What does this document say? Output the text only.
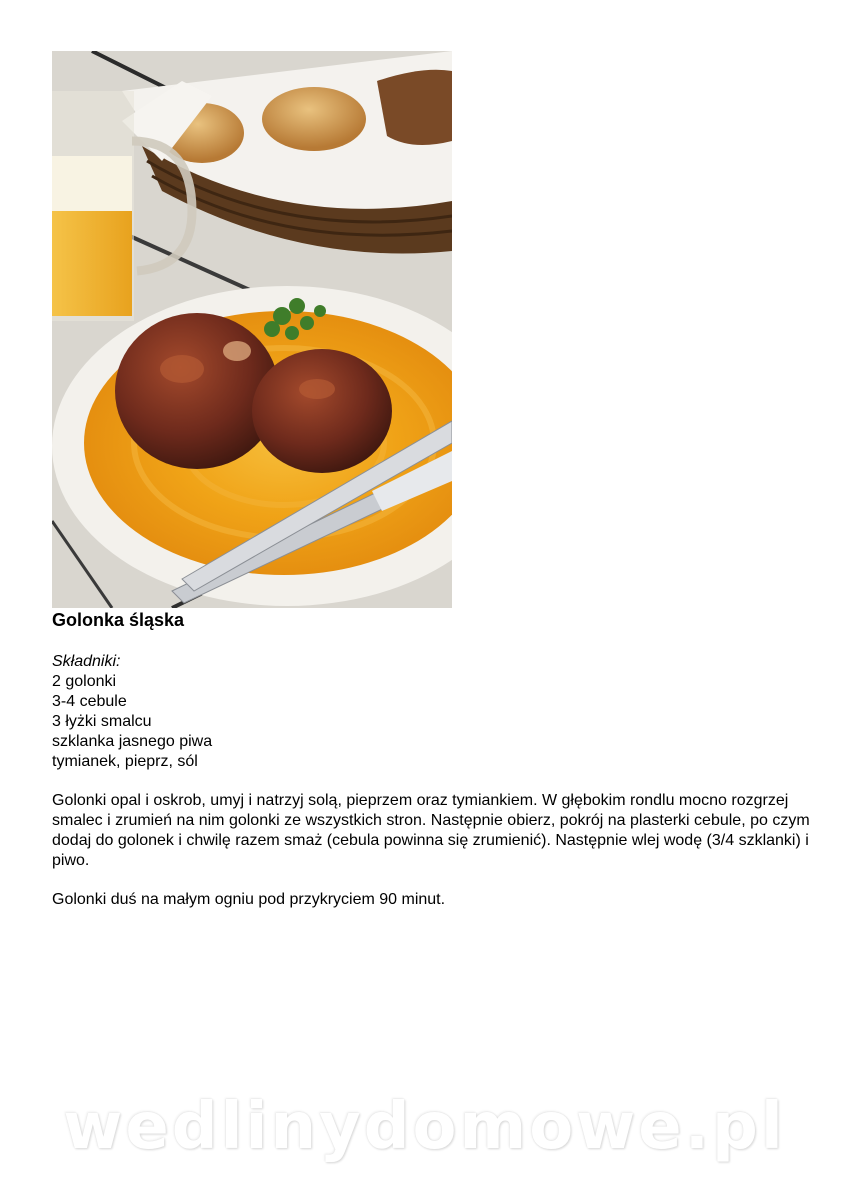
Golonka śląska
Składniki:
2 golonki
3-4 cebule
3 łyżki smalcu
szklanka jasnego piwa
tymianek, pieprz, sól

Golonki opal i oskrob, umyj i natrzyj solą, pieprzem oraz tymiankiem. W głębokim rondlu mocno rozgrzej smalec i zrumień na nim golonki ze wszystkich stron. Następnie obierz, pokrój na plasterki cebule, po czym dodaj do golonek i chwilę razem smaż (cebula powinna się zrumienić). Następnie wlej wodę (3/4 szklanki) i piwo.

Golonki duś na małym ogniu pod przykryciem 90 minut.

wedlinydomowe.pl
